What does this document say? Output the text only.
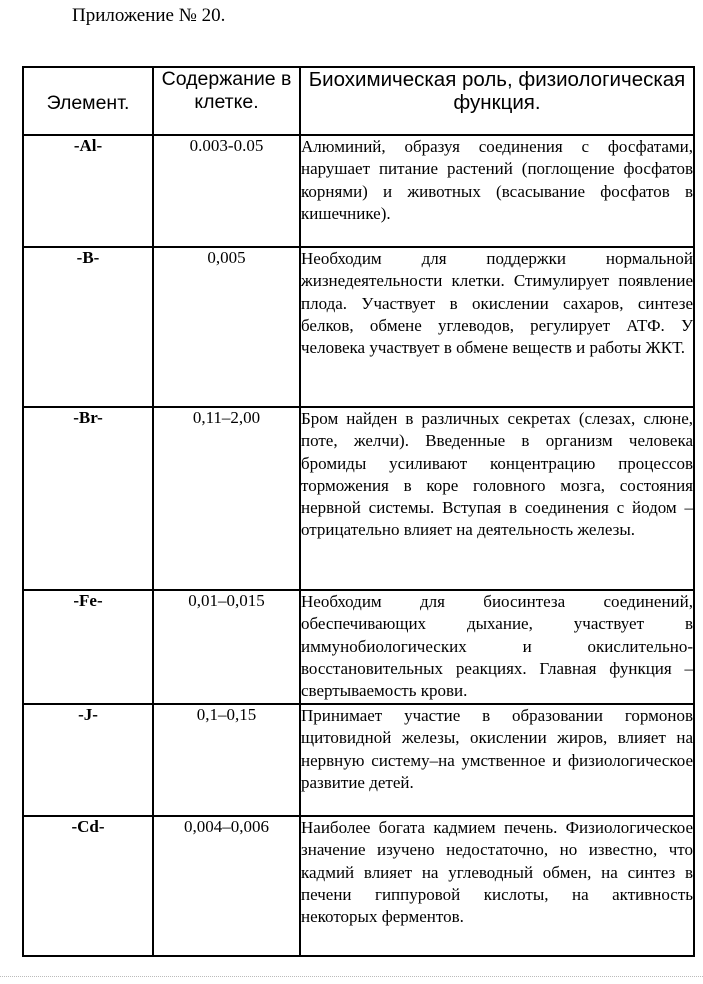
Приложение № 20.
Элемент.	Содержание в клетке.	Биохимическая роль, физиологическая функция.
-Al-	0.003-0.05	Алюминий, образуя соединения с фосфатами, нарушает питание растений (поглощение фосфатов корнями) и животных (всасывание фосфатов в кишечнике).
-B-	0,005	Необходим для поддержки нормальной жизнедеятельности клетки. Стимулирует появление плода. Участвует в окислении сахаров, синтезе белков, обмене углеводов, регулирует АТФ. У человека участвует в обмене веществ и работы ЖКТ.
-Br-	0,11–2,00	Бром найден в различных секретах (слезах, слюне, поте, желчи). Введенные в организм человека бромиды усиливают концентрацию процессов торможения в коре головного мозга, состояния нервной системы. Вступая в соединения с йодом – отрицательно влияет на деятельность железы.
-Fe-	0,01–0,015	Необходим для биосинтеза соединений, обеспечивающих дыхание, участвует в иммунобиологических и окислительно-восстановительных реакциях. Главная функция – свертываемость крови.
-J-	0,1–0,15	Принимает участие в образовании гормонов щитовидной железы, окислении жиров, влияет на нервную систему–на умственное и физиологическое развитие детей.
-Cd-	0,004–0,006	Наиболее богата кадмием печень. Физиологическое значение изучено недостаточно, но известно, что кадмий влияет на углеводный обмен, на синтез в печени гиппуровой кислоты, на активность некоторых ферментов.
